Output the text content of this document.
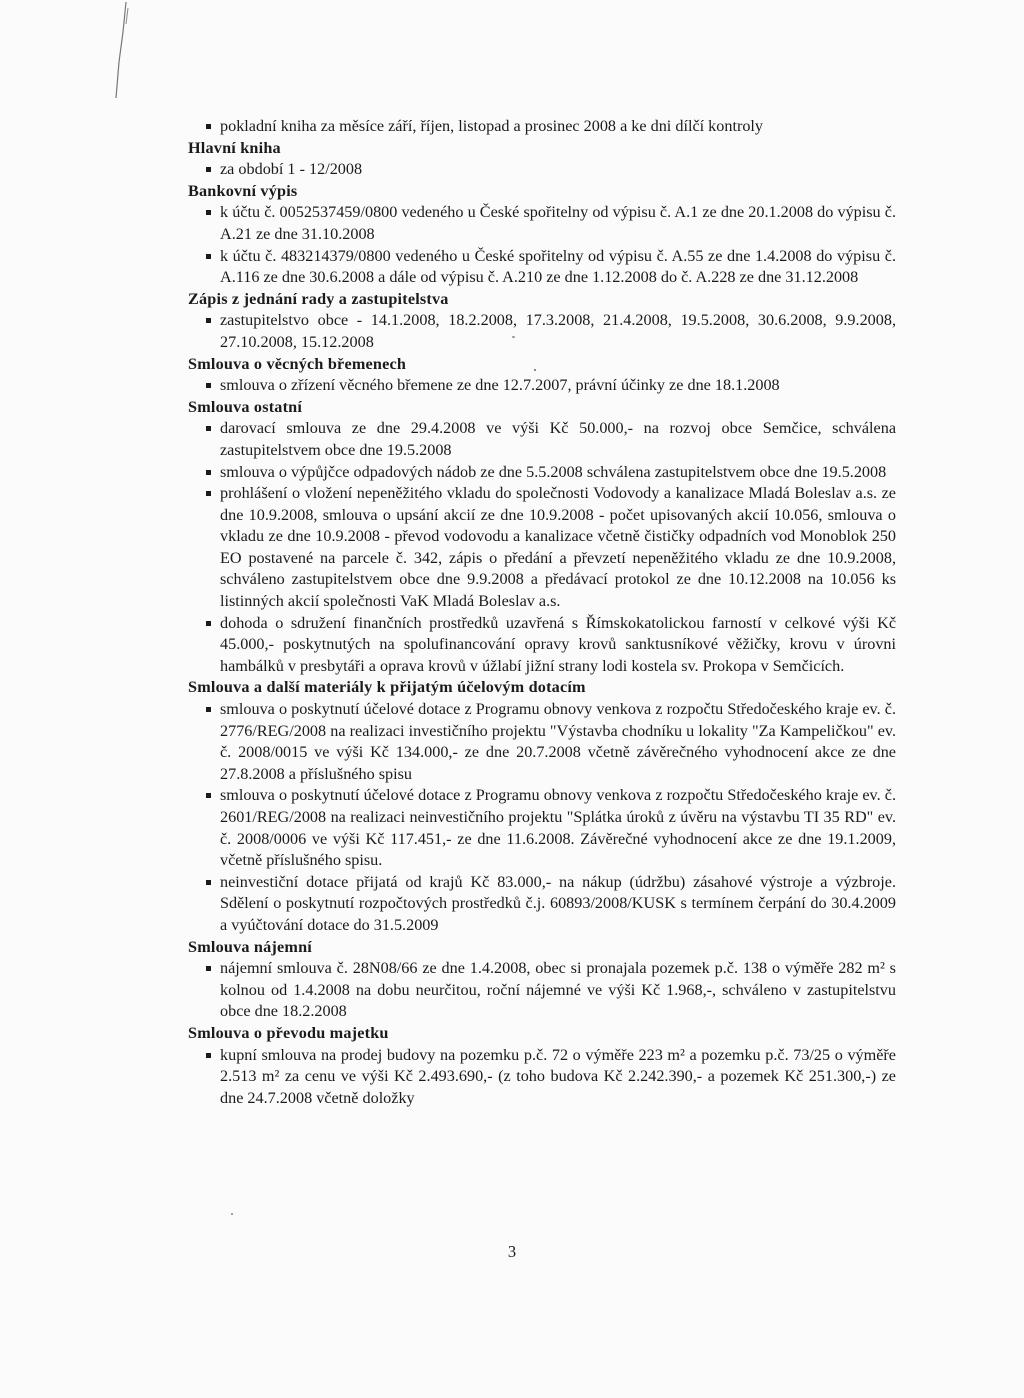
pokladní kniha za měsíce září, říjen, listopad a prosinec 2008 a ke dni dílčí kontroly
Hlavní kniha
za období 1 - 12/2008
Bankovní výpis
k účtu č. 0052537459/0800 vedeného u České spořitelny od výpisu č. A.1 ze dne 20.1.2008 do výpisu č. A.21 ze dne 31.10.2008
k účtu č. 483214379/0800 vedeného u České spořitelny od výpisu č. A.55 ze dne 1.4.2008 do výpisu č. A.116 ze dne 30.6.2008 a dále od výpisu č. A.210 ze dne 1.12.2008 do č. A.228 ze dne 31.12.2008
Zápis z jednání rady a zastupitelstva
zastupitelstvo obce - 14.1.2008, 18.2.2008, 17.3.2008, 21.4.2008, 19.5.2008, 30.6.2008, 9.9.2008, 27.10.2008, 15.12.2008
Smlouva o věcných břemenech
smlouva o zřízení věcného břemene ze dne 12.7.2007, právní účinky ze dne 18.1.2008
Smlouva ostatní
darovací smlouva ze dne 29.4.2008 ve výši Kč 50.000,- na rozvoj obce Semčice, schválena zastupitelstvem obce dne 19.5.2008
smlouva o výpůjčce odpadových nádob ze dne 5.5.2008 schválena zastupitelstvem obce dne 19.5.2008
prohlášení o vložení nepeněžitého vkladu do společnosti Vodovody a kanalizace Mladá Boleslav a.s. ze dne 10.9.2008, smlouva o upsání akcií ze dne 10.9.2008 - počet upisovaných akcií 10.056, smlouva o vkladu ze dne 10.9.2008 - převod vodovodu a kanalizace včetně čističky odpadních vod Monoblok 250 EO postavené na parcele č. 342, zápis o předání a převzetí nepeněžitého vkladu ze dne 10.9.2008, schváleno zastupitelstvem obce dne 9.9.2008 a předávací protokol ze dne 10.12.2008 na 10.056 ks listinných akcií společnosti VaK Mladá Boleslav a.s.
dohoda o sdružení finančních prostředků uzavřená s Římskokatolickou farností v celkové výši Kč 45.000,- poskytnutých na spolufinancování opravy krovů sanktusníkové věžičky, krovu v úrovni hambálků v presbytáři a oprava krovů v úžlabí jižní strany lodi kostela sv. Prokopa v Semčicích.
Smlouva a další materiály k přijatým účelovým dotacím
smlouva o poskytnutí účelové dotace z Programu obnovy venkova z rozpočtu Středočeského kraje ev. č. 2776/REG/2008 na realizaci investičního projektu "Výstavba chodníku u lokality "Za Kampeličkou" ev. č. 2008/0015 ve výši Kč 134.000,- ze dne 20.7.2008 včetně závěrečného vyhodnocení akce ze dne 27.8.2008 a příslušného spisu
smlouva o poskytnutí účelové dotace z Programu obnovy venkova z rozpočtu Středočeského kraje ev. č. 2601/REG/2008 na realizaci neinvestičního projektu "Splátka úroků z úvěru na výstavbu TI 35 RD" ev. č. 2008/0006 ve výši Kč 117.451,- ze dne 11.6.2008. Závěrečné vyhodnocení akce ze dne 19.1.2009, včetně příslušného spisu.
neinvestiční dotace přijatá od krajů Kč 83.000,- na nákup (údržbu) zásahové výstroje a výzbroje. Sdělení o poskytnutí rozpočtových prostředků č.j. 60893/2008/KUSK s termínem čerpání do 30.4.2009 a vyúčtování dotace do 31.5.2009
Smlouva nájemní
nájemní smlouva č. 28N08/66 ze dne 1.4.2008, obec si pronajala pozemek p.č. 138 o výměře 282 m² s kolnou od 1.4.2008 na dobu neurčitou, roční nájemné ve výši Kč 1.968,-, schváleno v zastupitelstvu obce dne 18.2.2008
Smlouva o převodu majetku
kupní smlouva na prodej budovy na pozemku p.č. 72 o výměře 223 m² a pozemku p.č. 73/25 o výměře 2.513 m² za cenu ve výši Kč 2.493.690,- (z toho budova Kč 2.242.390,- a pozemek Kč 251.300,-) ze dne 24.7.2008 včetně doložky
3
